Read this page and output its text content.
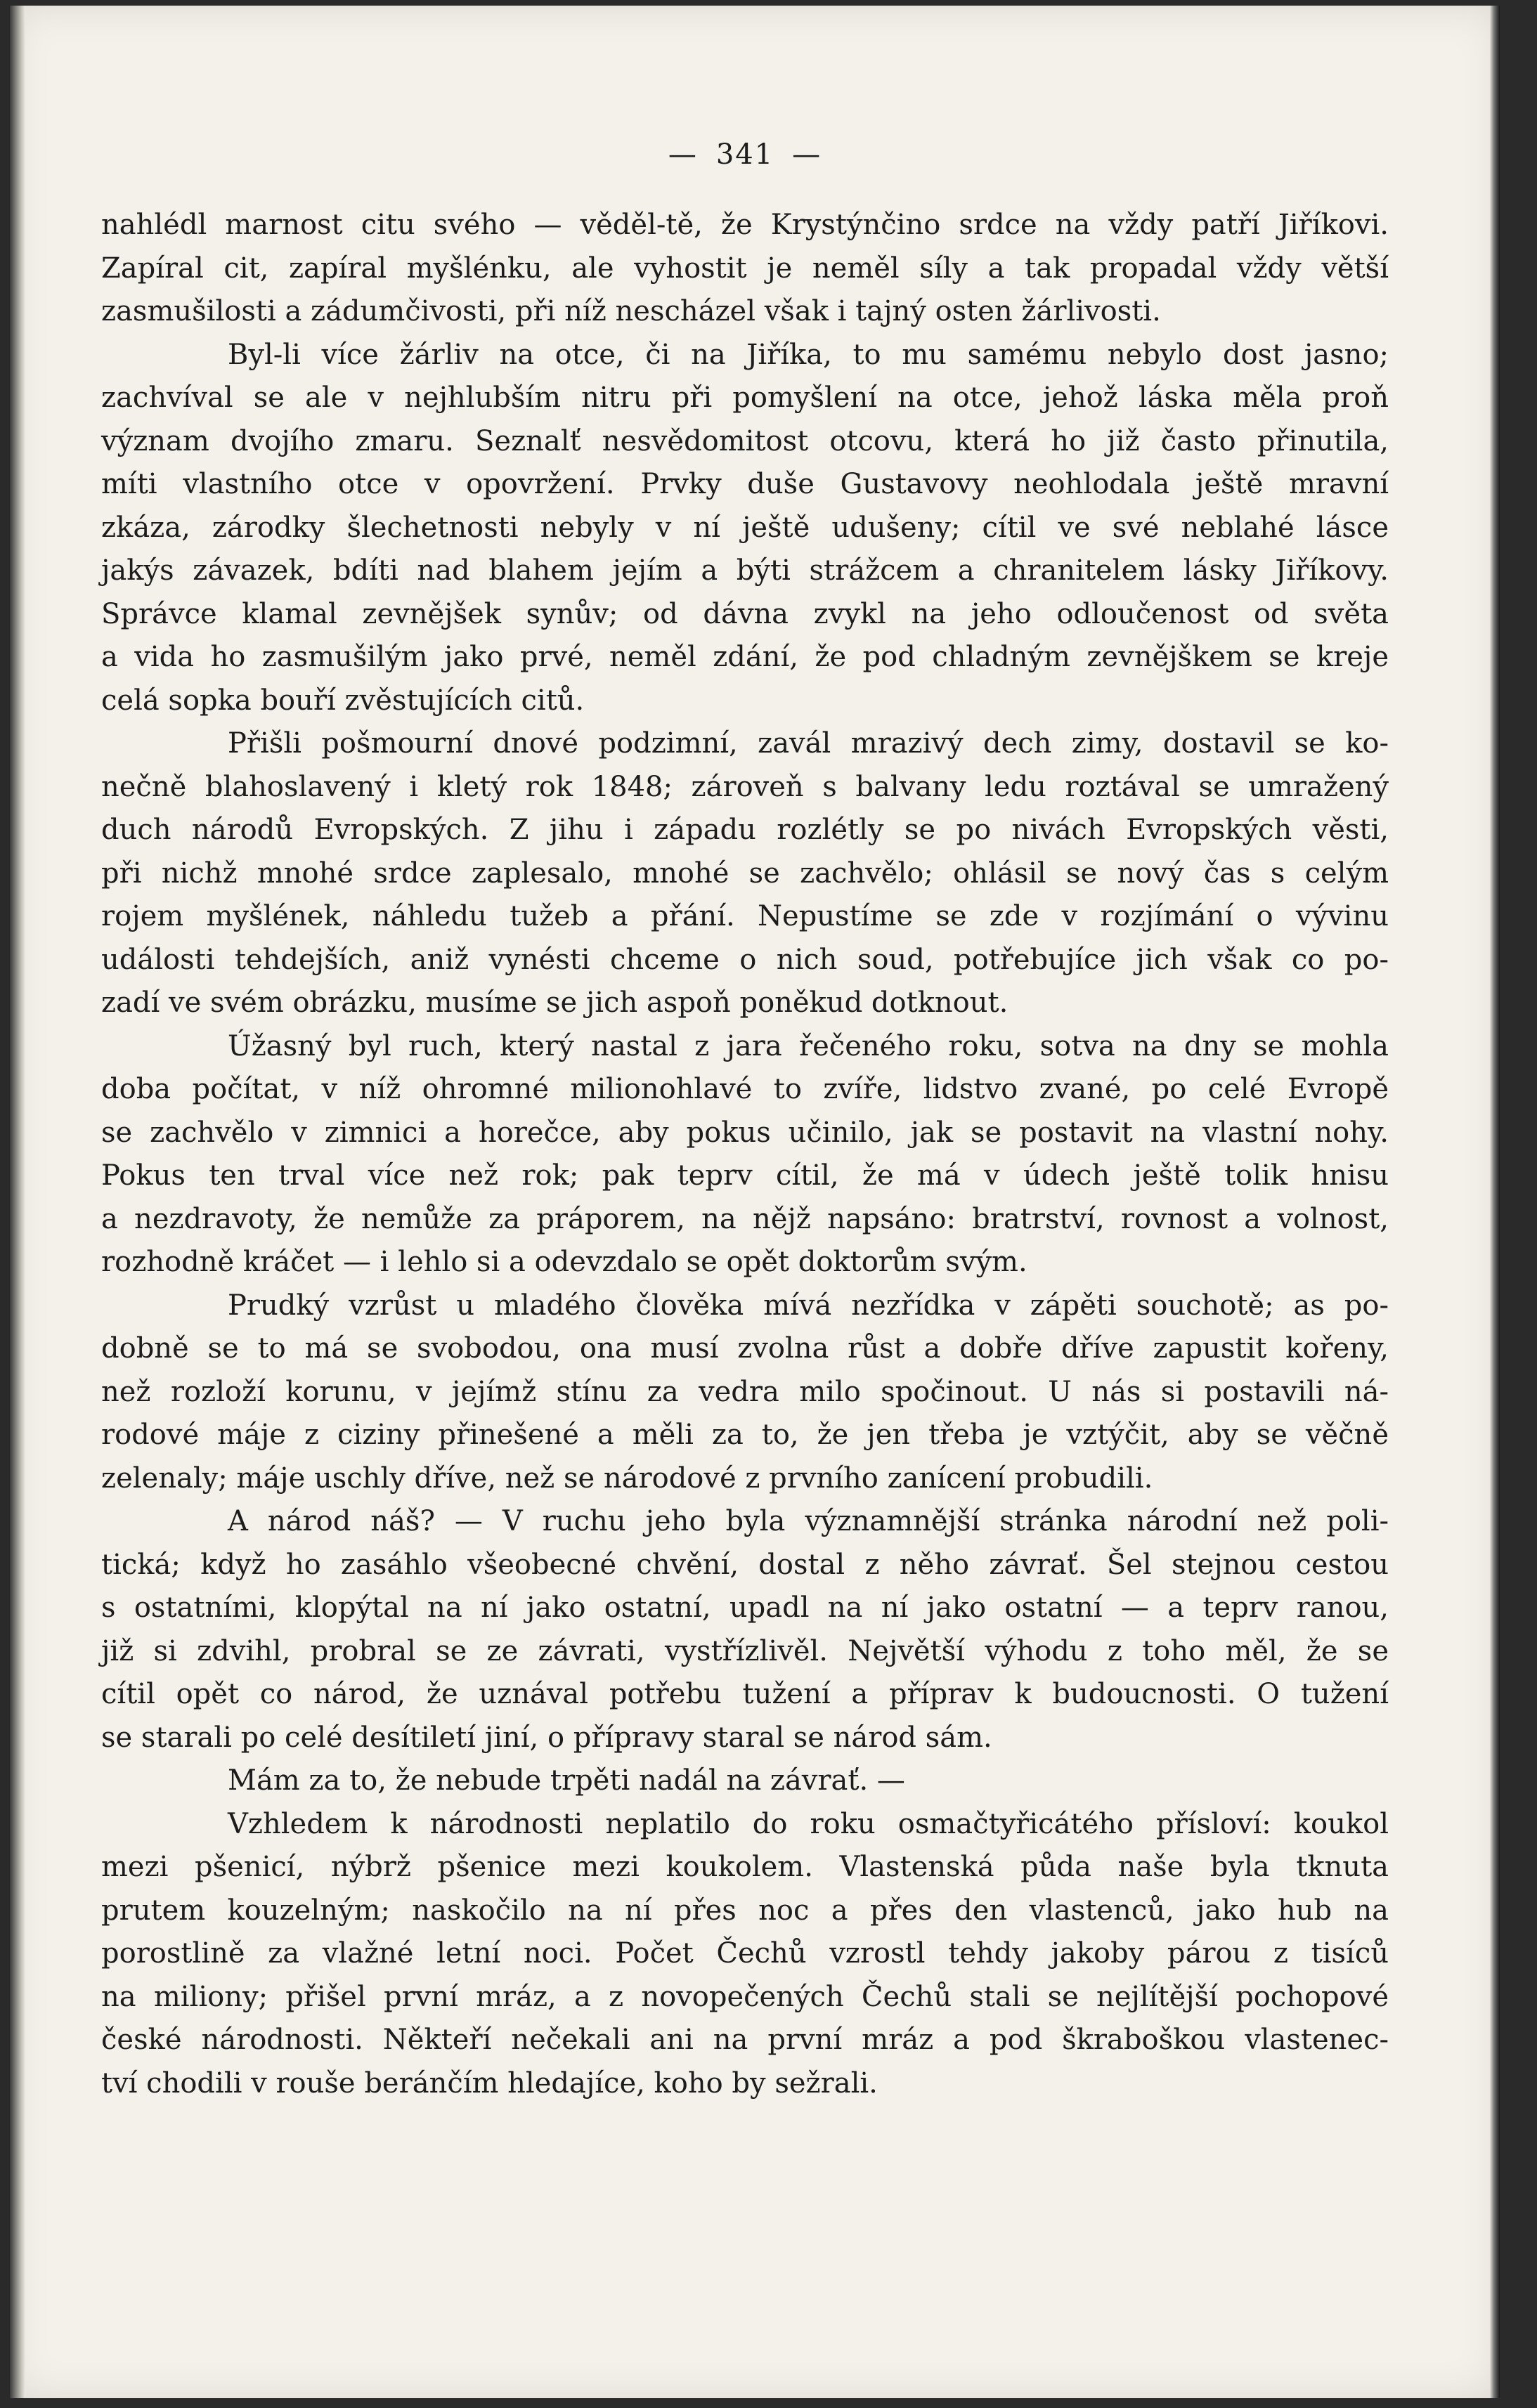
— 341 —
nahlédl marnost citu svého — věděl-tě, že Krystýnčino srdce na vždy patří Jiříkovi.
Zapíral cit, zapíral myšlénku, ale vyhostit je neměl síly a tak propadal vždy větší
zasmušilosti a zádumčivosti, při níž nescházel však i tajný osten žárlivosti.
Byl-li více žárliv na otce, či na Jiříka, to mu samému nebylo dost jasno;
zachvíval se ale v nejhlubším nitru při pomyšlení na otce, jehož láska měla proň
význam dvojího zmaru. Seznalť nesvědomitost otcovu, která ho již často přinutila,
míti vlastního otce v opovržení. Prvky duše Gustavovy neohlodala ještě mravní
zkáza, zárodky šlechetnosti nebyly v ní ještě udušeny; cítil ve své neblahé lásce
jakýs závazek, bdíti nad blahem jejím a býti strážcem a chranitelem lásky Jiříkovy.
Správce klamal zevnějšek synův; od dávna zvykl na jeho odloučenost od světa
a vida ho zasmušilým jako prvé, neměl zdání, že pod chladným zevnějškem se kreje
celá sopka bouří zvěstujících citů.
Přišli pošmourní dnové podzimní, zavál mrazivý dech zimy, dostavil se ko-
nečně blahoslavený i kletý rok 1848; zároveň s balvany ledu roztával se umražený
duch národů Evropských. Z jihu i západu rozlétly se po nivách Evropských věsti,
při nichž mnohé srdce zaplesalo, mnohé se zachvělo; ohlásil se nový čas s celým
rojem myšlének, náhledu tužeb a přání. Nepustíme se zde v rozjímání o vývinu
události tehdejších, aniž vynésti chceme o nich soud, potřebujíce jich však co po-
zadí ve svém obrázku, musíme se jich aspoň poněkud dotknout.
Úžasný byl ruch, který nastal z jara řečeného roku, sotva na dny se mohla
doba počítat, v níž ohromné milionohlavé to zvíře, lidstvo zvané, po celé Evropě
se zachvělo v zimnici a horečce, aby pokus učinilo, jak se postavit na vlastní nohy.
Pokus ten trval více než rok; pak teprv cítil, že má v údech ještě tolik hnisu
a nezdravoty, že nemůže za práporem, na nějž napsáno: bratrství, rovnost a volnost,
rozhodně kráčet — i lehlo si a odevzdalo se opět doktorům svým.
Prudký vzrůst u mladého člověka mívá nezřídka v zápěti souchotě; as po-
dobně se to má se svobodou, ona musí zvolna růst a dobře dříve zapustit kořeny,
než rozloží korunu, v jejímž stínu za vedra milo spočinout. U nás si postavili ná-
rodové máje z ciziny přinešené a měli za to, že jen třeba je vztýčit, aby se věčně
zelenaly; máje uschly dříve, než se národové z prvního zanícení probudili.
A národ náš? — V ruchu jeho byla významnější stránka národní než poli-
tická; když ho zasáhlo všeobecné chvění, dostal z něho závrať. Šel stejnou cestou
s ostatními, klopýtal na ní jako ostatní, upadl na ní jako ostatní — a teprv ranou,
již si zdvihl, probral se ze závrati, vystřízlivěl. Největší výhodu z toho měl, že se
cítil opět co národ, že uznával potřebu tužení a příprav k budoucnosti. O tužení
se starali po celé desítiletí jiní, o přípravy staral se národ sám.
Mám za to, že nebude trpěti nadál na závrať. —
Vzhledem k národnosti neplatilo do roku osmačtyřicátého přísloví: koukol
mezi pšenicí, nýbrž pšenice mezi koukolem. Vlastenská půda naše byla tknuta
prutem kouzelným; naskočilo na ní přes noc a přes den vlastenců, jako hub na
porostlině za vlažné letní noci. Počet Čechů vzrostl tehdy jakoby párou z tisíců
na miliony; přišel první mráz, a z novopečených Čechů stali se nejlítější pochopové
české národnosti. Někteří nečekali ani na první mráz a pod škraboškou vlastenec-
tví chodili v rouše beránčím hledajíce, koho by sežrali.
